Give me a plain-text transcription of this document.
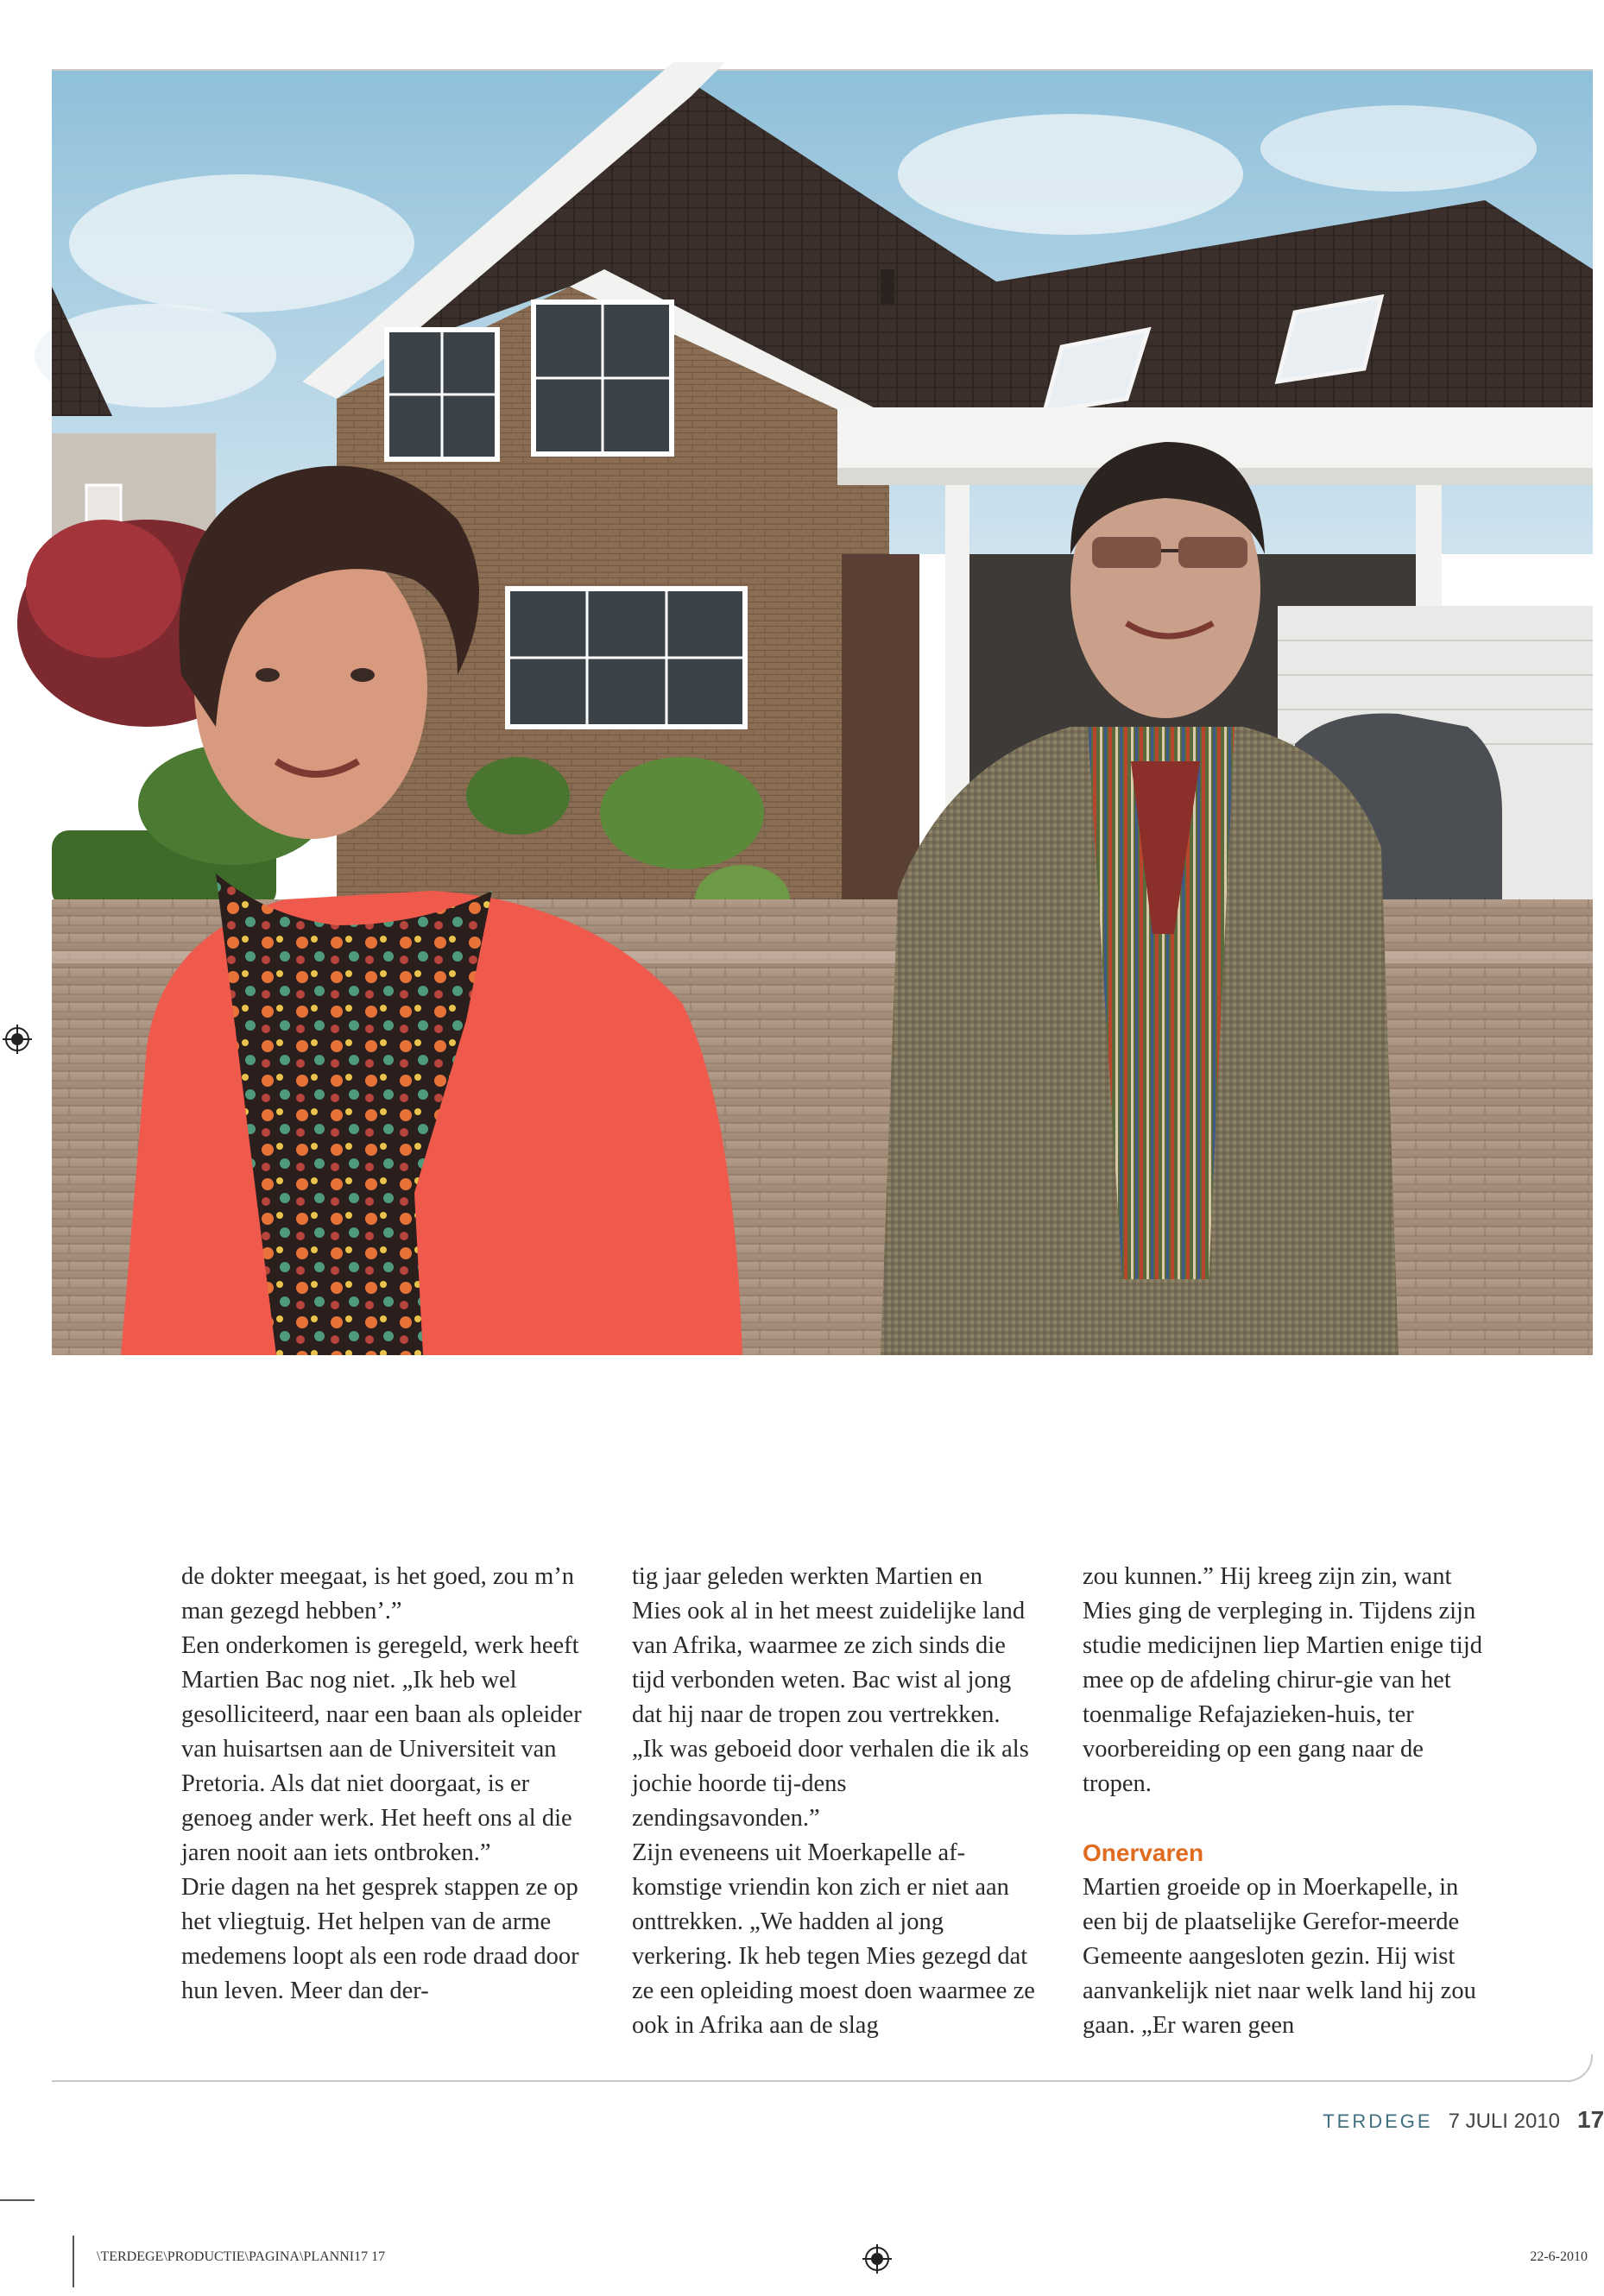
de dokter meegaat, is het goed, zou m’n man gezegd hebben’.”

Een onderkomen is geregeld, werk heeft Martien Bac nog niet. „Ik heb wel gesolliciteerd, naar een baan als opleider van huisartsen aan de Universiteit van Pretoria. Als dat niet doorgaat, is er genoeg ander werk. Het heeft ons al die jaren nooit aan iets ontbroken.”

Drie dagen na het gesprek stappen ze op het vliegtuig. Het helpen van de arme medemens loopt als een rode draad door hun leven. Meer dan der-

tig jaar geleden werkten Martien en Mies ook al in het meest zuidelijke land van Afrika, waarmee ze zich sinds die tijd verbonden weten. Bac wist al jong dat hij naar de tropen zou vertrekken. „Ik was geboeid door verhalen die ik als jochie hoorde tij-dens zendingsavonden.”

Zijn eveneens uit Moerkapelle af-komstige vriendin kon zich er niet aan onttrekken. „We hadden al jong verkering. Ik heb tegen Mies gezegd dat ze een opleiding moest doen waarmee ze ook in Afrika aan de slag

zou kunnen.” Hij kreeg zijn zin, want Mies ging de verpleging in. Tijdens zijn studie medicijnen liep Martien enige tijd mee op de afdeling chirur-gie van het toenmalige Refajazieken-huis, ter voorbereiding op een gang naar de tropen.

Onervaren

Martien groeide op in Moerkapelle, in een bij de plaatselijke Gerefor-meerde Gemeente aangesloten gezin. Hij wist aanvankelijk niet naar welk land hij zou gaan. „Er waren geen

TERDEGE 7 JULI 2010 17
\TERDEGE\PRODUCTIE\PAGINA\PLANNI17 17	22-6-2010
